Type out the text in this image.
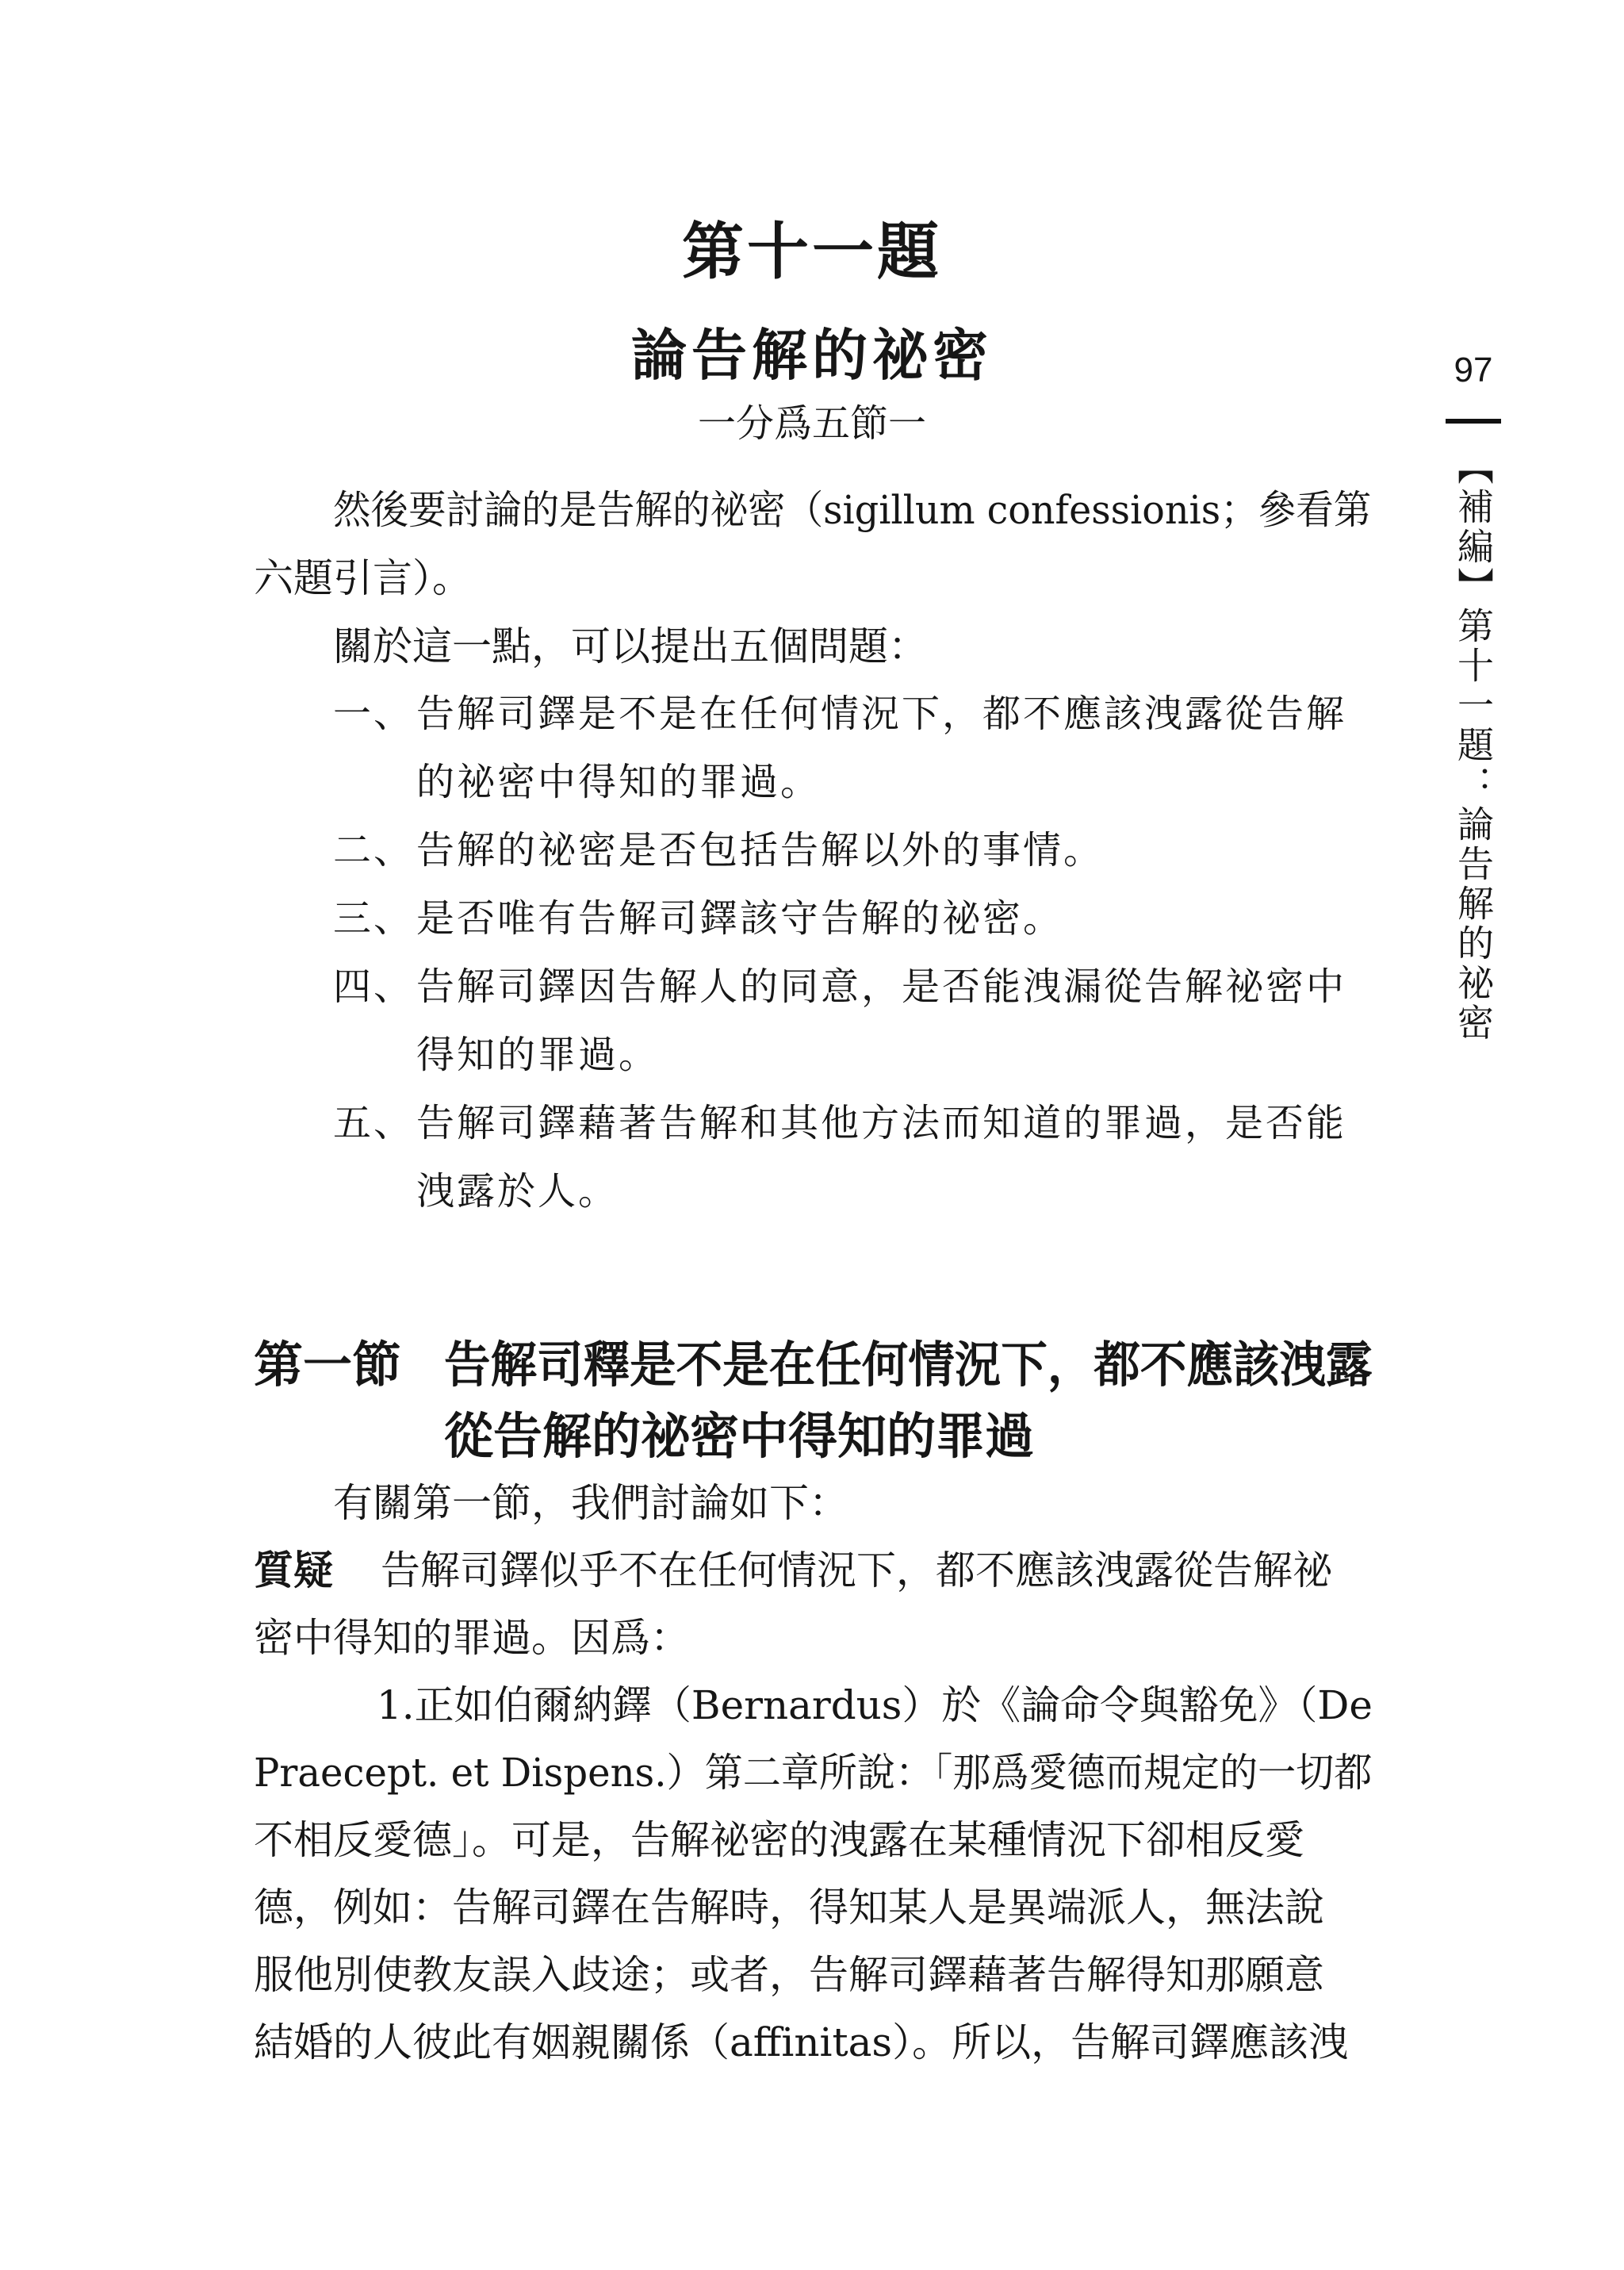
第十一題
論告解的祕密
一分爲五節一
97
【補編】第十一題：論告解的祕密
然後要討論的是告解的祕密（sigillum confessionis；參看第
六題引言）。
關於這一點，可以提出五個問題：
一、 告解司鐸是不是在任何情況下，都不應該洩露從告解
的祕密中得知的罪過。
二、 告解的祕密是否包括告解以外的事情。
三、 是否唯有告解司鐸該守告解的祕密。
四、 告解司鐸因告解人的同意，是否能洩漏從告解祕密中
得知的罪過。
五、 告解司鐸藉著告解和其他方法而知道的罪過，是否能
洩露於人。
第一節 告解司釋是不是在任何情況下，都不應該洩露
從告解的祕密中得知的罪過
有關第一節，我們討論如下：
質疑 告解司鐸似乎不在任何情況下，都不應該洩露從告解祕
密中得知的罪過。因爲：
1.正如伯爾納鐸（Bernardus）於《論命令與豁免》（De
Praecept. et Dispens.）第二章所說：「那爲愛德而規定的一切都
不相反愛德」。可是，告解祕密的洩露在某種情況下卻相反愛
德，例如：告解司鐸在告解時，得知某人是異端派人，無法說
服他別使教友誤入歧途；或者，告解司鐸藉著告解得知那願意
結婚的人彼此有姻親關係（affinitas）。所以，告解司鐸應該洩
